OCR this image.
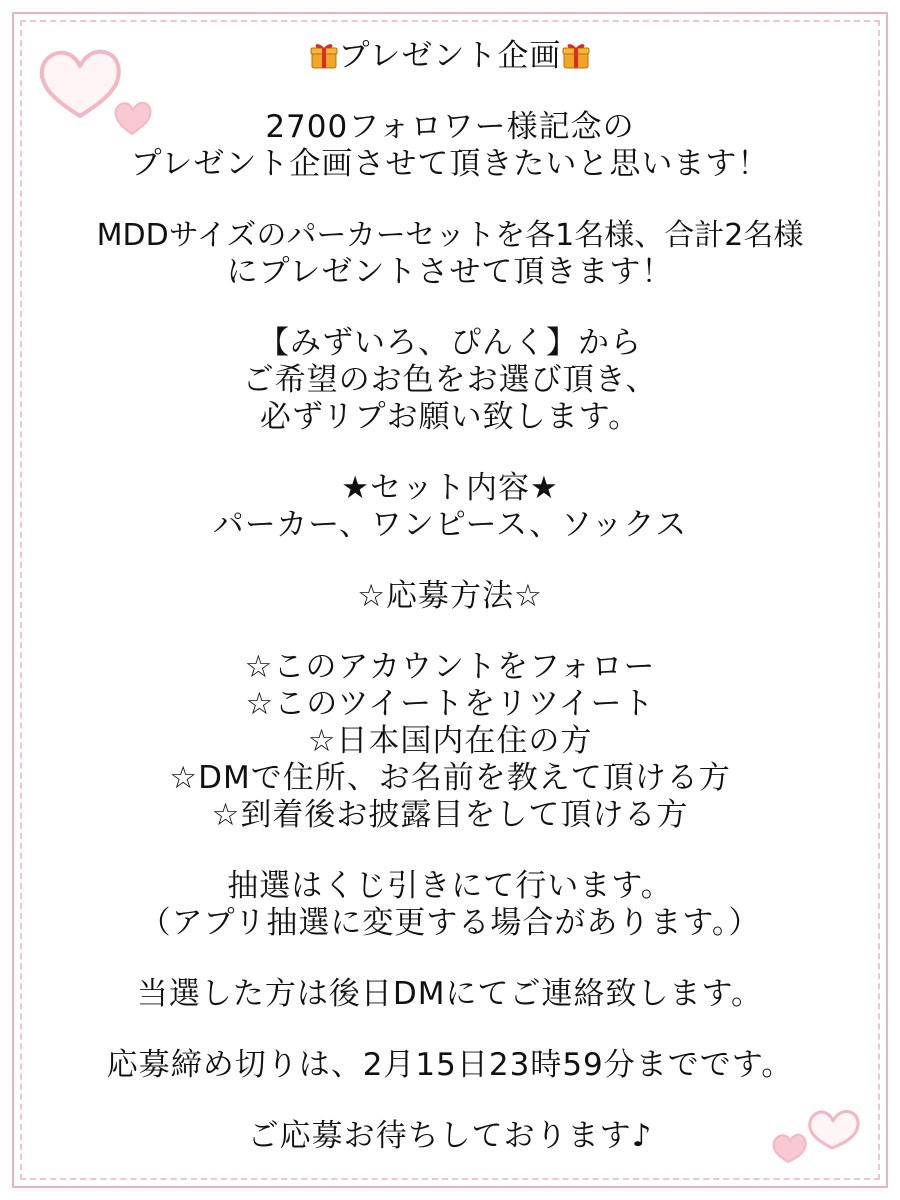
プレゼント企画
2700フォロワー様記念の
プレゼント企画させて頂きたいと思います！
MDDサイズのパーカーセットを各1名様、合計2名様
にプレゼントさせて頂きます！
【みずいろ、ぴんく】から
ご希望のお色をお選び頂き、
必ずリプお願い致します。
★セット内容★
パーカー、ワンピース、ソックス
☆応募方法☆
☆このアカウントをフォロー
☆このツイートをリツイート
☆日本国内在住の方
☆DMで住所、お名前を教えて頂ける方
☆到着後お披露目をして頂ける方
抽選はくじ引きにて行います。
（アプリ抽選に変更する場合があります。）
当選した方は後日DMにてご連絡致します。
応募締め切りは、2月15日23時59分までです。
ご応募お待ちしております♪
